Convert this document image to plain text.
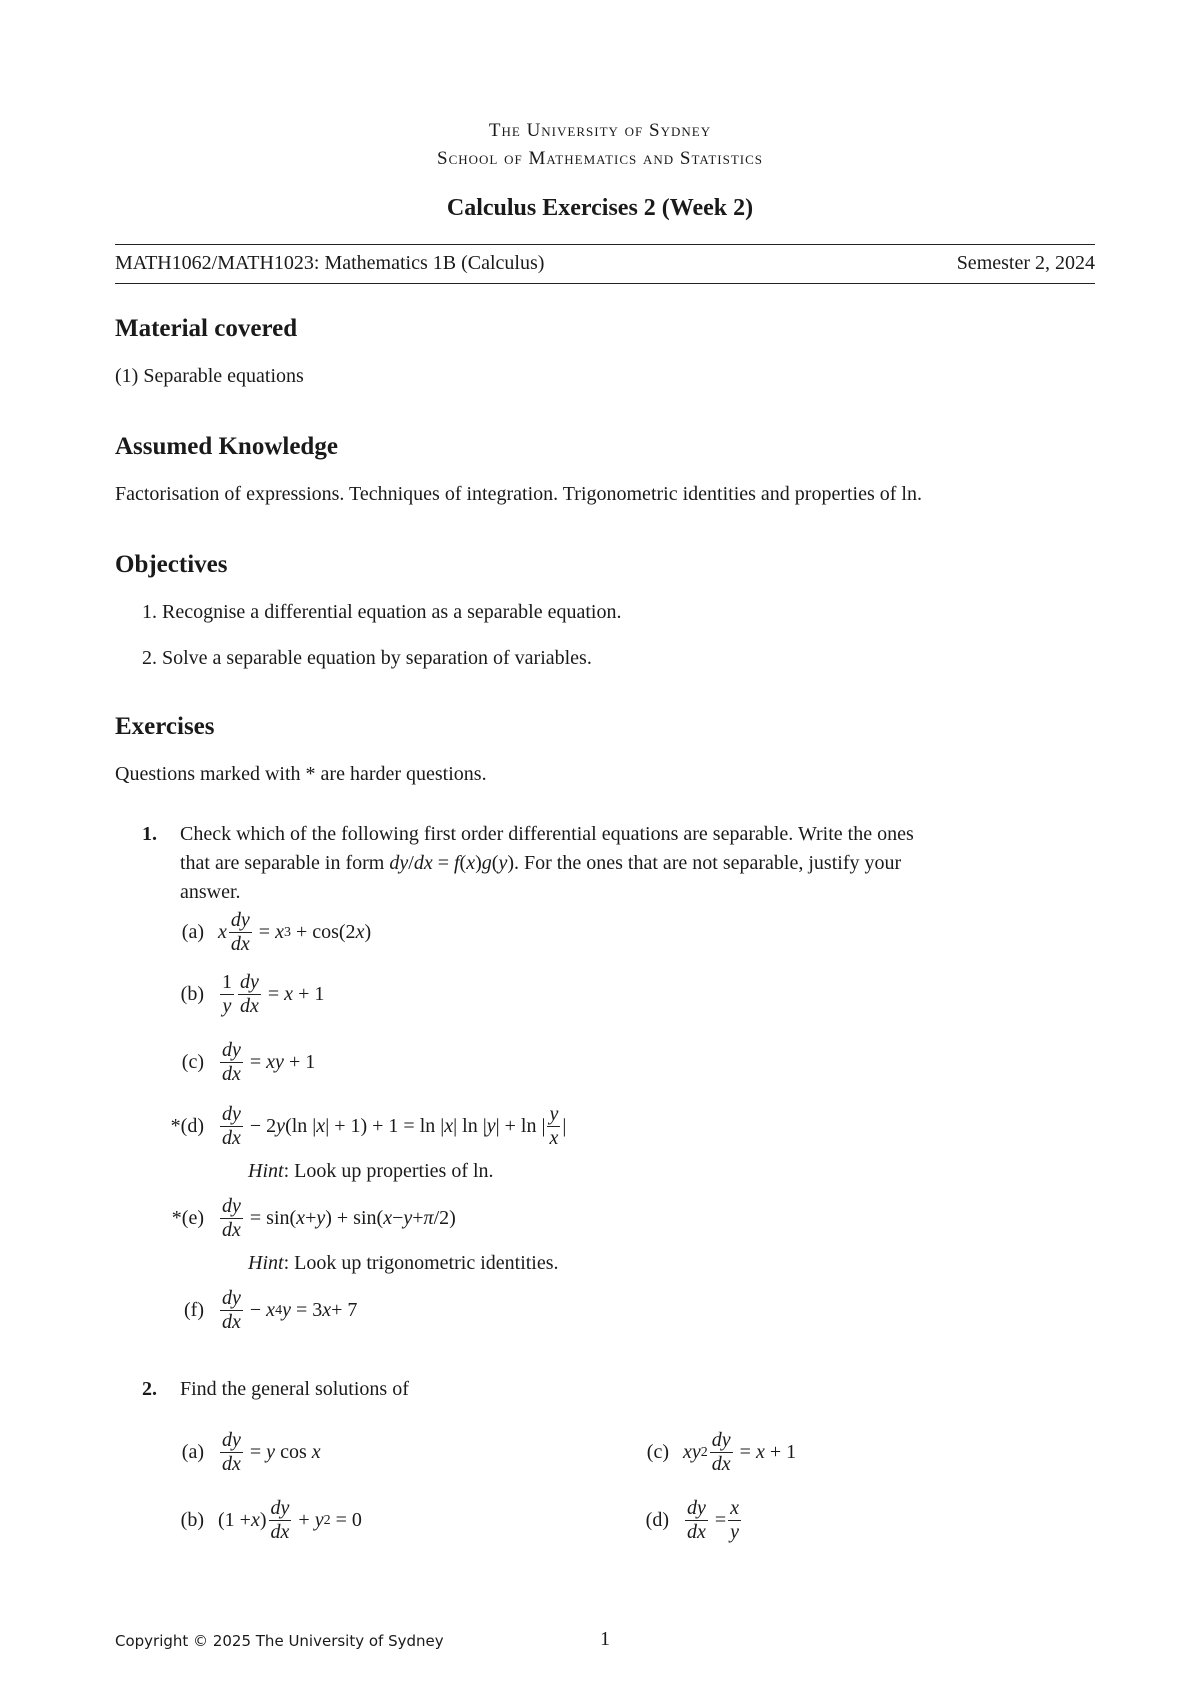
The University of Sydney
School of Mathematics and Statistics
Calculus Exercises 2 (Week 2)
MATH1062/MATH1023: Mathematics 1B (Calculus)	Semester 2, 2024
Material covered
(1) Separable equations
Assumed Knowledge
Factorisation of expressions. Techniques of integration. Trigonometric identities and properties of ln.
Objectives
1. Recognise a differential equation as a separable equation.
2. Solve a separable equation by separation of variables.
Exercises
Questions marked with * are harder questions.
1. Check which of the following first order differential equations are separable. Write the ones
that are separable in form dy/dx = f(x)g(y). For the ones that are not separable, justify your
answer.
(a) x $\frac{dy}{dx} = x$ 3 + cos(2 x )
$(b) \frac{1}{y} \frac{dy}{dx} = x + 1$
$(c) \frac{dy}{dx}$ = xy + 1
$*(d) \frac{dy}{dx} - 2$ y (ln | x | + 1) + 1 = ln | x | ln | y | + ln | $\frac{y}{x}$ |
Hint: Look up properties of ln.
$*(e) \frac{dy}{dx} = \sin$( x + y ) + sin( x − y + π /2)
Hint: Look up trigonometric identities.
$(f) \frac{dy}{dx} - x$ 4 y = 3 x + 7
2. Find the general solutions of
$(a) \frac{dy}{dx} = y$ cos x	(c) xy $2 \frac{dy}{dx} = x + 1$
(b) (1 + x ) $\frac{dy}{dx} + y$ 2 = 0	$(d) \frac{dy}{dx} = \frac{x}{y}$
Copyright © 2025 The University of Sydney	1
